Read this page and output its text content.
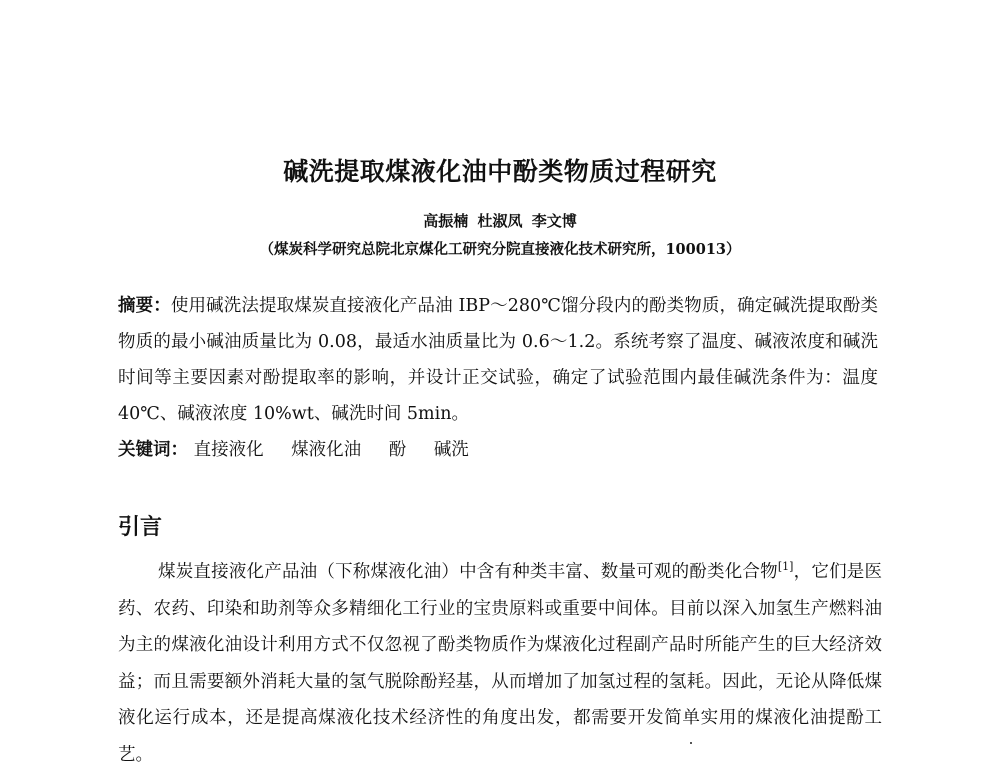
碱洗提取煤液化油中酚类物质过程研究
高振楠 杜淑凤 李文博
（煤炭科学研究总院北京煤化工研究分院直接液化技术研究所，100013）
摘要：使用碱洗法提取煤炭直接液化产品油 IBP～280℃馏分段内的酚类物质，确定碱洗提取酚类物质的最小碱油质量比为 0.08，最适水油质量比为 0.6～1.2。系统考察了温度、碱液浓度和碱洗时间等主要因素对酚提取率的影响，并设计正交试验，确定了试验范围内最佳碱洗条件为：温度 40℃、碱液浓度 10%wt、碱洗时间 5min。
关键词： 直接液化 煤液化油 酚 碱洗
引言
煤炭直接液化产品油（下称煤液化油）中含有种类丰富、数量可观的酚类化合物[1]，它们是医药、农药、印染和助剂等众多精细化工行业的宝贵原料或重要中间体。目前以深入加氢生产燃料油为主的煤液化油设计利用方式不仅忽视了酚类物质作为煤液化过程副产品时所能产生的巨大经济效益；而且需要额外消耗大量的氢气脱除酚羟基，从而增加了加氢过程的氢耗。因此，无论从降低煤液化运行成本，还是提高煤液化技术经济性的角度出发，都需要开发简单实用的煤液化油提酚工艺。
